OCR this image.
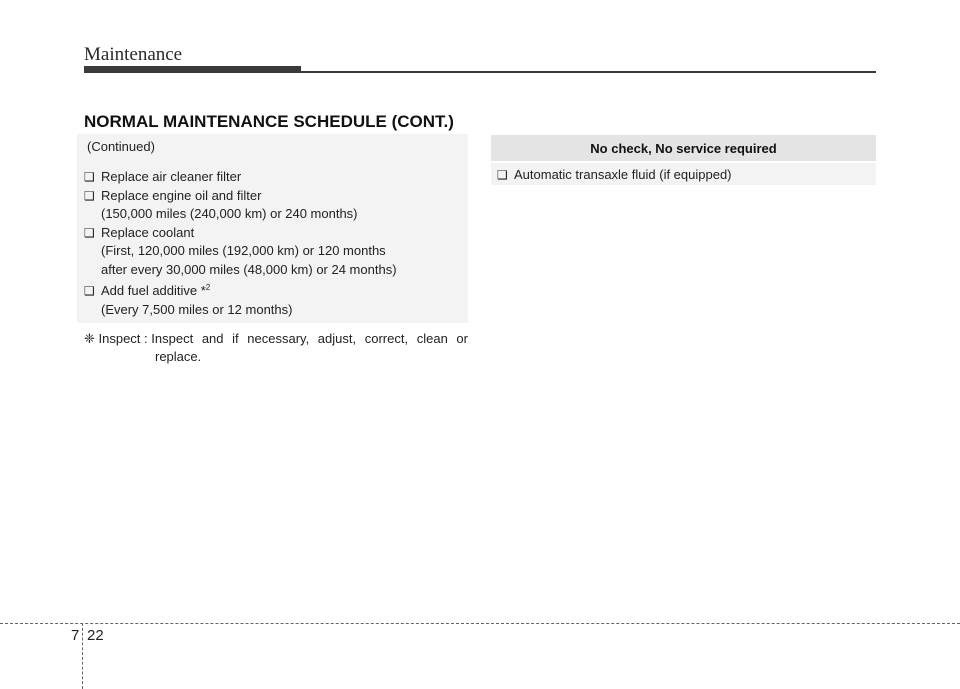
Maintenance
NORMAL MAINTENANCE SCHEDULE (CONT.)
(Continued)
❑ Replace air cleaner filter
❑ Replace engine oil and filter
(150,000 miles (240,000 km) or 240 months)
❑ Replace coolant
(First, 120,000 miles (192,000 km) or 120 months
after every 30,000 miles (48,000 km) or 24 months)
❑ Add fuel additive *$^2$
(Every 7,500 miles or 12 months)
❈ Inspect :
Inspect and if necessary, adjust, correct, clean or
replace.
No check, No service required
❑ Automatic transaxle fluid (if equipped)
7 22
